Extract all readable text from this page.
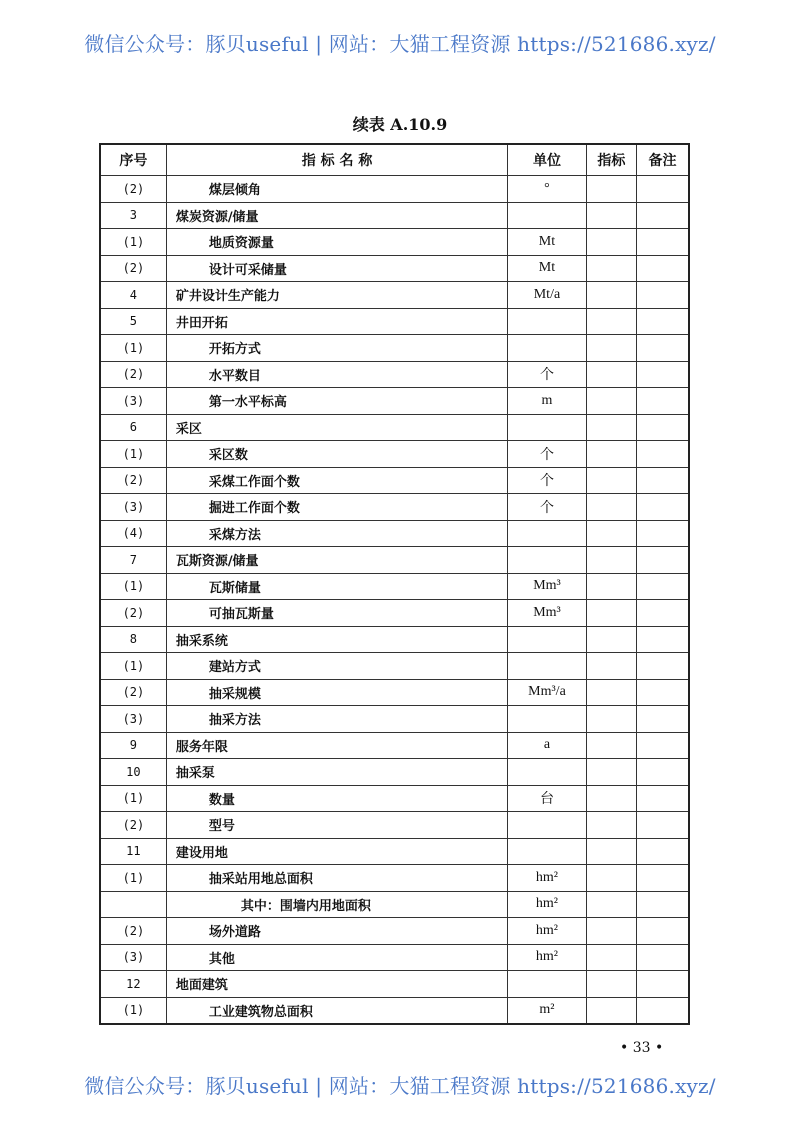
微信公众号：豚贝useful | 网站：大猫工程资源 https://521686.xyz/
续表 A.10.9
序号	指 标 名 称	单位	指标	备注
(2)	煤层倾角	°		
3	煤炭资源/储量			
(1)	地质资源量	Mt		
(2)	设计可采储量	Mt		
4	矿井设计生产能力	Mt/a		
5	井田开拓			
(1)	开拓方式			
(2)	水平数目	个		
(3)	第一水平标高	m		
6	采区			
(1)	采区数	个		
(2)	采煤工作面个数	个		
(3)	掘进工作面个数	个		
(4)	采煤方法			
7	瓦斯资源/储量			
(1)	瓦斯储量	Mm³		
(2)	可抽瓦斯量	Mm³		
8	抽采系统			
(1)	建站方式			
(2)	抽采规模	Mm³/a		
(3)	抽采方法			
9	服务年限	a		
10	抽采泵			
(1)	数量	台		
(2)	型号			
11	建设用地			
(1)	抽采站用地总面积	hm²		
	其中：围墙内用地面积	hm²		
(2)	场外道路	hm²		
(3)	其他	hm²		
12	地面建筑			
(1)	工业建筑物总面积	m²		
• 33 •
微信公众号：豚贝useful | 网站：大猫工程资源 https://521686.xyz/
